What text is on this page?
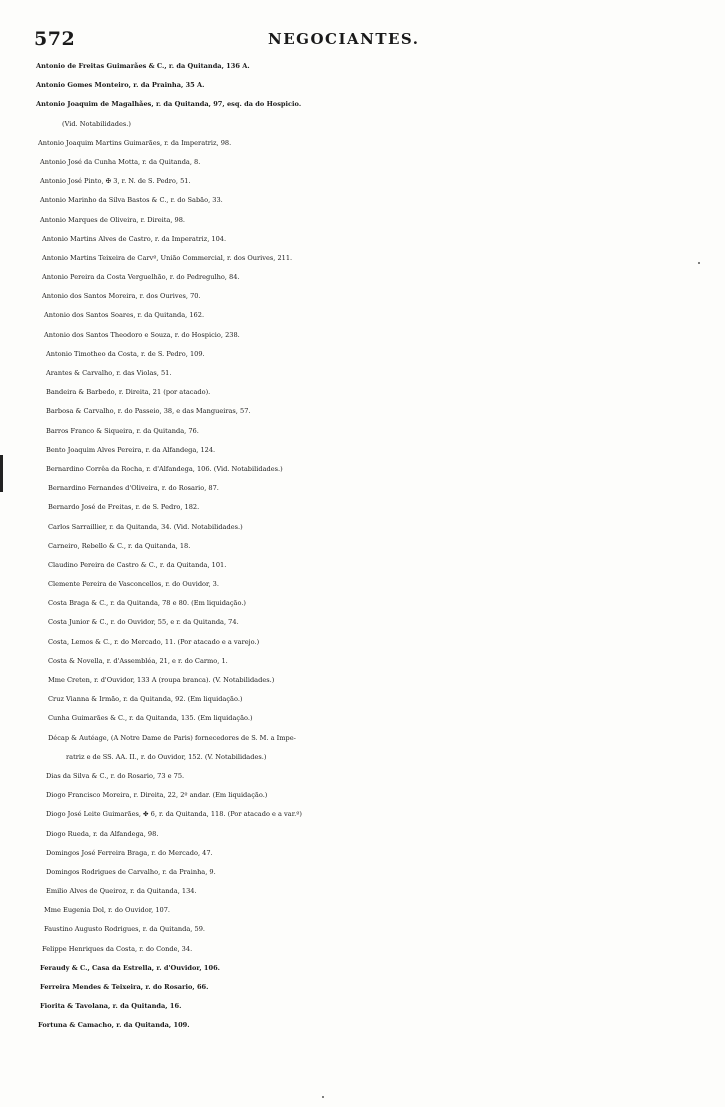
572	NEGOCIANTES.
Antonio de Freitas Guimarães & C., r. da Quitanda, 136 A.
Antonio Gomes Monteiro, r. da Prainha, 35 A.
Antonio Joaquim de Magalhães, r. da Quitanda, 97, esq. da do Hospicio.
(Vid. Notabilidades.)
Antonio Joaquim Martins Guimarães, r. da Imperatriz, 98.
Antonio José da Cunha Motta, r. da Quitanda, 8.
Antonio José Pinto, ✠ 3, r. N. de S. Pedro, 51.
Antonio Marinho da Silva Bastos & C., r. do Sabão, 33.
Antonio Marques de Oliveira, r. Direita, 98.
Antonio Martins Alves de Castro, r. da Imperatriz, 104.
Antonio Martins Teixeira de Carvº, União Commercial, r. dos Ourives, 211.
Antonio Pereira da Costa Verguelhão, r. do Pedregulho, 84.
Antonio dos Santos Moreira, r. dos Ourives, 70.
Antonio dos Santos Soares, r. da Quitanda, 162.
Antonio dos Santos Theodoro e Souza, r. do Hospicio, 238.
Antonio Timotheo da Costa, r. de S. Pedro, 109.
Arantes & Carvalho, r. das Violas, 51.
Bandeira & Barbedo, r. Direita, 21 (por atacado).
Barbosa & Carvalho, r. do Passeio, 38, e das Mangueiras, 57.
Barros Franco & Siqueira, r. da Quitanda, 76.
Bento Joaquim Alves Pereira, r. da Alfandega, 124.
Bernardino Corrêa da Rocha, r. d'Alfandega, 106. (Vid. Notabilidades.)
Bernardino Fernandes d'Oliveira, r. do Rosario, 87.
Bernardo José de Freitas, r. de S. Pedro, 182.
Carlos Sarraillier, r. da Quitanda, 34. (Vid. Notabilidades.)
Carneiro, Rebello & C., r. da Quitanda, 18.
Claudino Pereira de Castro & C., r. da Quitanda, 101.
Clemente Pereira de Vasconcellos, r. do Ouvidor, 3.
Costa Braga & C., r. da Quitanda, 78 e 80. (Em liquidação.)
Costa Junior & C., r. do Ouvidor, 55, e r. da Quitanda, 74.
Costa, Lemos & C., r. do Mercado, 11. (Por atacado e a varejo.)
Costa & Novella, r. d'Assembléa, 21, e r. do Carmo, 1.
Mme Creten, r. d'Ouvidor, 133 A (roupa branca). (V. Notabilidades.)
Cruz Vianna & Irmão, r. da Quitanda, 92. (Em liquidação.)
Cunha Guimarães & C., r. da Quitanda, 135. (Em liquidação.)
Décap & Autéage, (A Notre Dame de Paris) fornecedores de S. M. a Impe-
ratriz e de SS. AA. II., r. do Ouvidor, 152. (V. Notabilidades.)
Dias da Silva & C., r. do Rosario, 73 e 75.
Diogo Francisco Moreira, r. Direita, 22, 2º andar. (Em liquidação.)
Diogo José Leite Guimarães, ✤ 6, r. da Quitanda, 118. (Por atacado e a var.º)
Diogo Rueda, r. da Alfandega, 98.
Domingos José Ferreira Braga, r. do Mercado, 47.
Domingos Rodrigues de Carvalho, r. da Prainha, 9.
Emilio Alves de Queiroz, r. da Quitanda, 134.
Mme Eugenia Dol, r. do Ouvidor, 107.
Faustino Augusto Rodrigues, r. da Quitanda, 59.
Felippe Henriques da Costa, r. do Conde, 34.
Feraudy & C., Casa da Estrella, r. d'Ouvidor, 106.
Ferreira Mendes & Teixeira, r. do Rosario, 66.
Fiorita & Tavolana, r. da Quitanda, 16.
Fortuna & Camacho, r. da Quitanda, 109.
